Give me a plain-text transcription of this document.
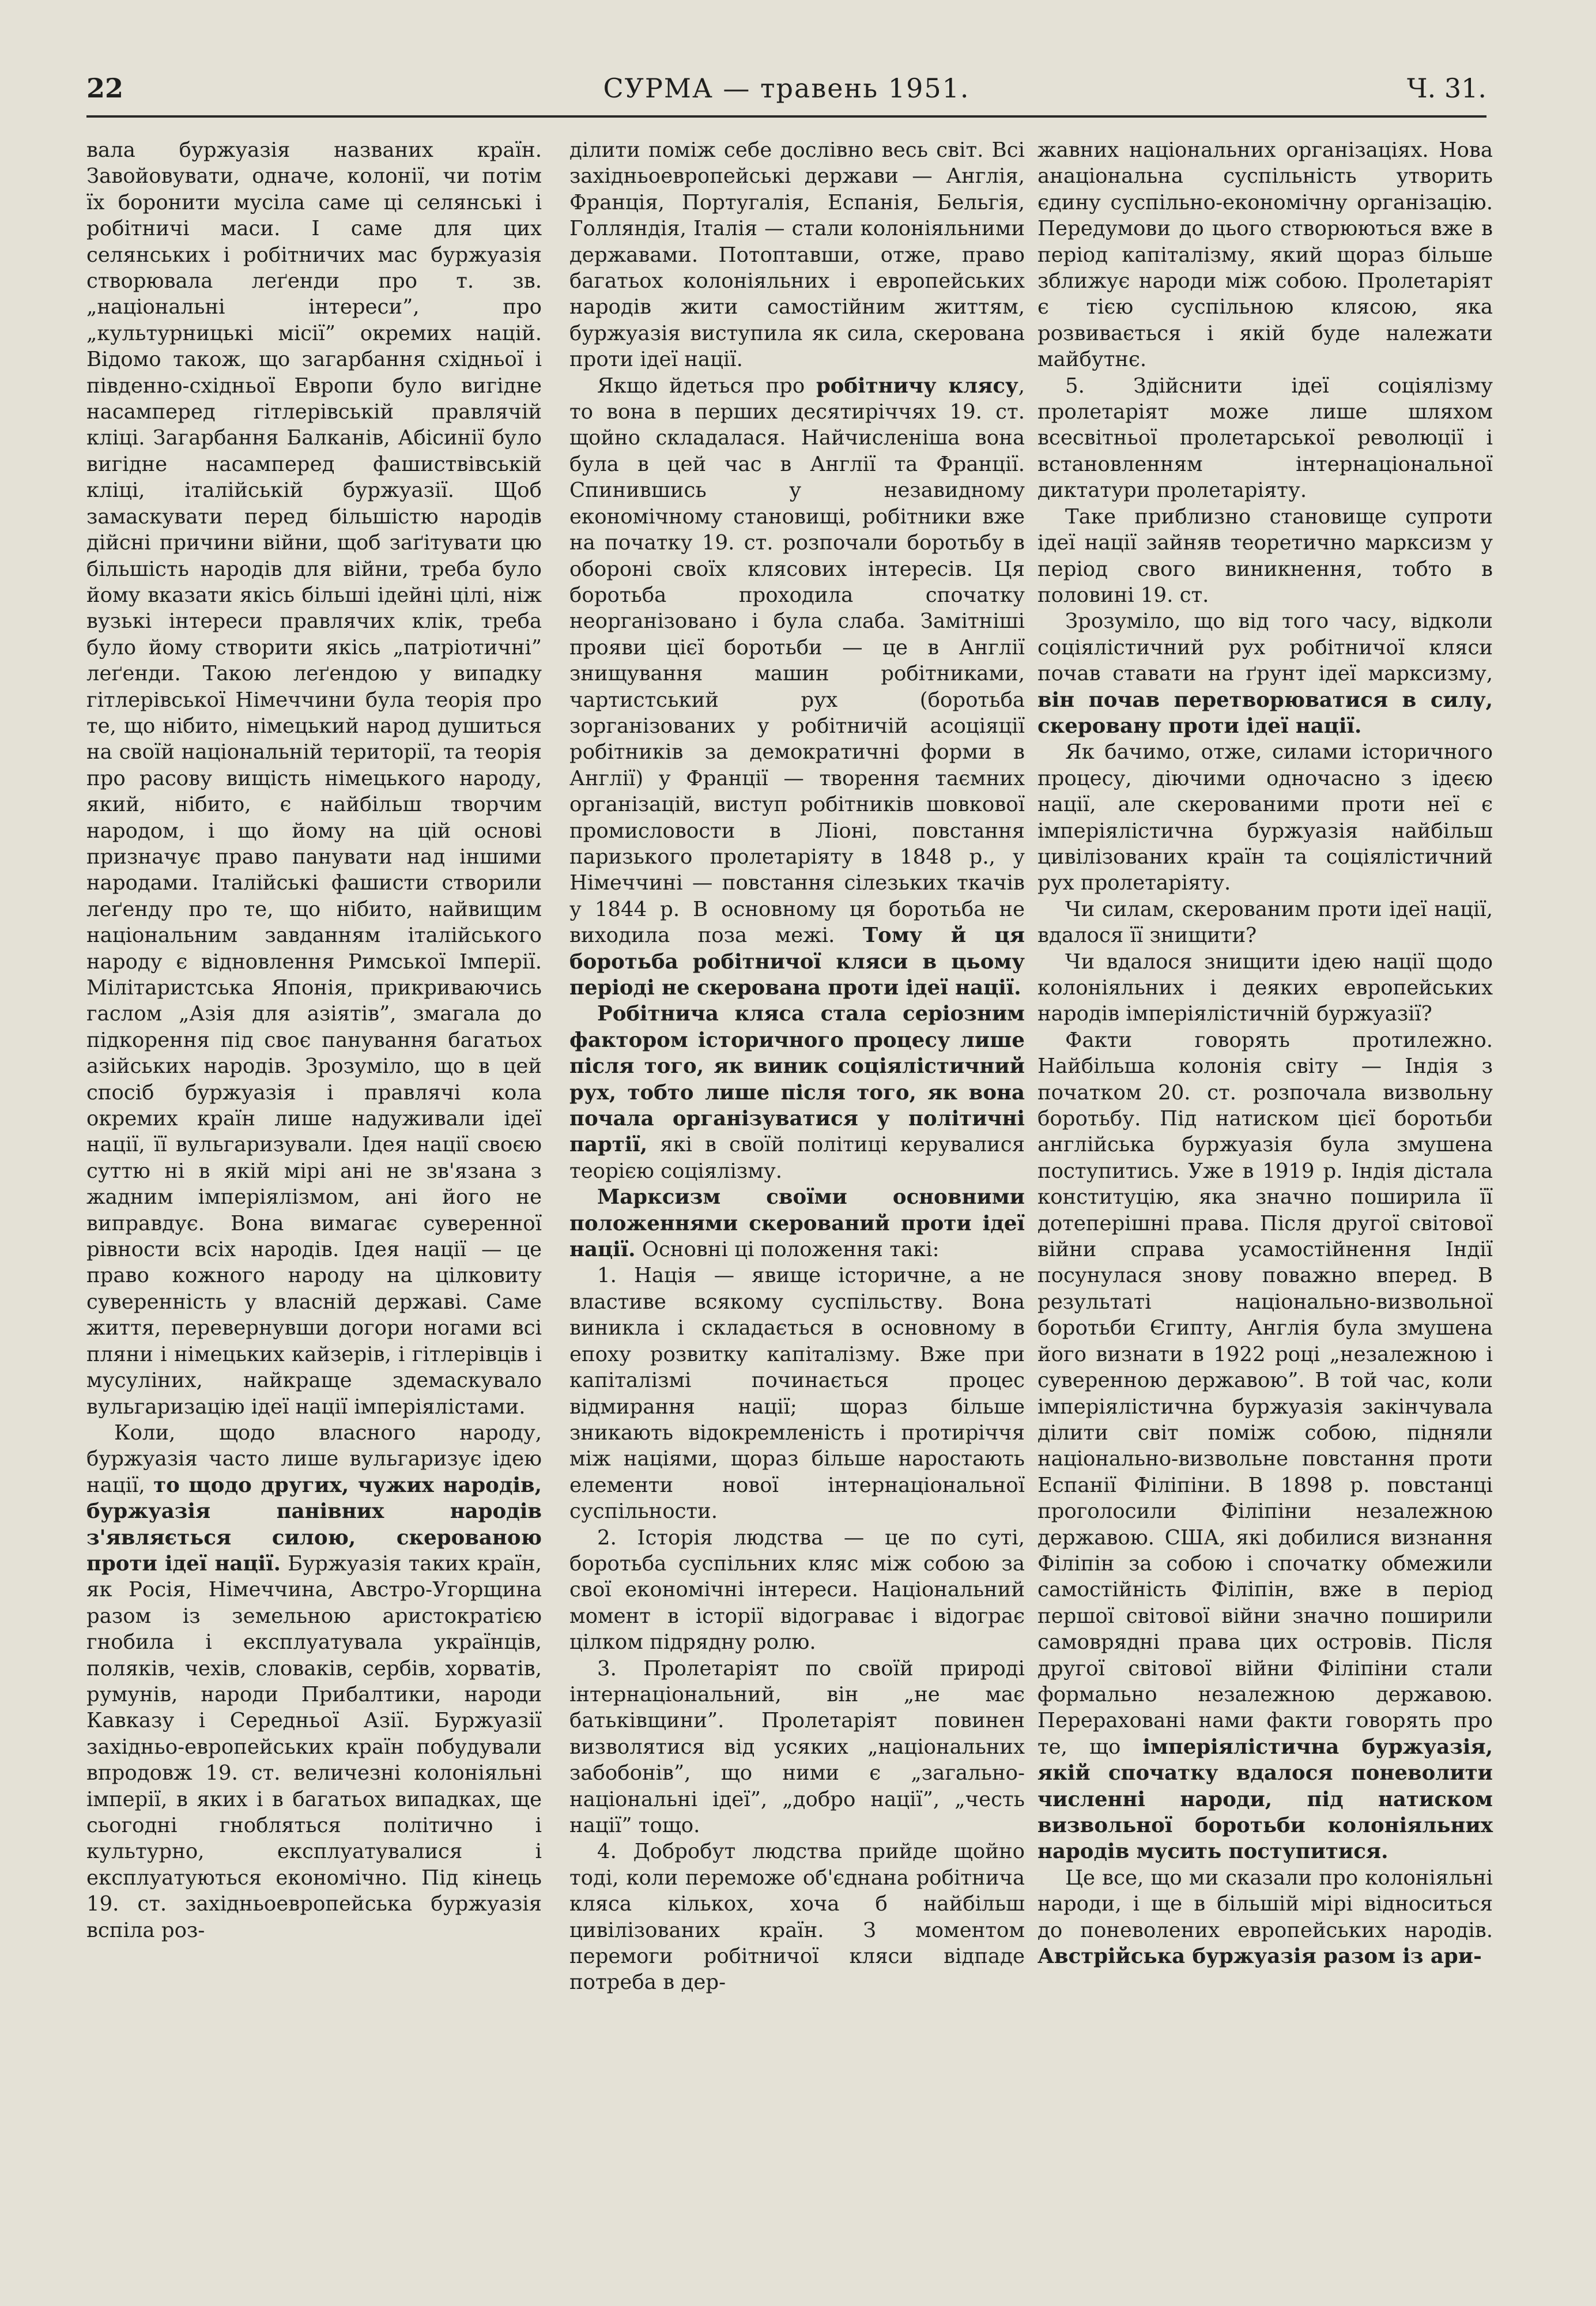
22	СУРМА — травень 1951.	Ч. 31.

вала буржуазія названих країн. Завойовувати, одначе, колонії, чи потім їх боронити мусіла саме ці селянські і робітничі маси. І саме для цих селянських і робітничих мас буржуазія створювала леґенди про т. зв. „національні інтереси”, про „культурницькі місії” окремих націй. Відомо також, що загарбання східньої і південно-східньої Европи було вигідне насамперед гітлерівській правлячій кліці. Загарбання Балканів, Абісинії було вигідне насамперед фашиствівській кліці, італійській буржуазії. Щоб замаскувати перед більшістю народів дійсні причини війни, щоб заґітувати цю більшість народів для війни, треба було йому вказати якісь більші ідейні цілі, ніж вузькі інтереси правлячих клік, треба було йому створити якісь „патріотичні” леґенди. Такою леґендою у випадку гітлерівської Німеччини була теорія про те, що нібито, німецький народ душиться на своїй національній території, та теорія про расову вищість німецького народу, який, нібито, є найбільш творчим народом, і що йому на цій основі призначує право панувати над іншими народами. Італійські фашисти створили леґенду про те, що нібито, найвищим національним завданням італійського народу є відновлення Римської Імперії. Мілітаристська Японія, прикриваючись гаслом „Азія для азіятів”, змагала до підкорення під своє панування багатьох азійських народів. Зрозуміло, що в цей спосіб буржуазія і правлячі кола окремих країн лише надуживали ідеї нації, її вульгаризували. Ідея нації своєю суттю ні в якій мірі ані не зв'язана з жадним імперіялізмом, ані його не виправдує. Вона вимагає суверенної рівности всіх народів. Ідея нації — це право кожного народу на цілковиту суверенність у власній державі. Саме життя, перевернувши догори ногами всі пляни і німецьких кайзерів, і гітлерівців і мусуліних, найкраще здемаскувало вульгаризацію ідеї нації імперіялістами.

Коли, щодо власного народу, буржуазія часто лише вульгаризує ідею нації, то щодо других, чужих народів, буржуазія панівних народів з'являється силою, скерованою проти ідеї нації. Буржуазія таких країн, як Росія, Німеччина, Австро-Угорщина разом із земельною аристократією гнобила і експлуатувала українців, поляків, чехів, словаків, сербів, хорватів, румунів, народи Прибалтики, народи Кавказу і Середньої Азії. Буржуазії західньо-европейських країн побудували впродовж 19. ст. величезні колоніяльні імперії, в яких і в багатьох випадках, ще сьогодні гнобляться політично і культурно, експлуатувалися і експлуатуються економічно. Під кінець 19. ст. західньоевропейська буржуазія вспіла роз-

ділити поміж себе дослівно весь світ. Всі західньоевропейські держави — Англія, Франція, Португалія, Еспанія, Бельгія, Голляндія, Італія — стали колоніяльними державами. Потоптавши, отже, право багатьох колоніяльних і европейських народів жити самостійним життям, буржуазія виступила як сила, скерована проти ідеї нації.

Якщо йдеться про робітничу клясу, то вона в перших десятиріччях 19. ст. щойно складалася. Найчисленіша вона була в цей час в Англії та Франції. Спинившись у незавидному економічному становищі, робітники вже на початку 19. ст. розпочали боротьбу в обороні своїх клясових інтересів. Ця боротьба проходила спочатку неорганізовано і була слаба. Замітніші прояви цієї боротьби — це в Англії знищування машин робітниками, чартистський рух (боротьба зорганізованих у робітничій асоціяції робітників за демократичні форми в Англії) у Франції — творення таємних організацій, виступ робітників шовкової промисловости в Ліоні, повстання паризького пролетаріяту в 1848 р., у Німеччині — повстання сілезьких ткачів у 1844 р. В основному ця боротьба не виходила поза межі. Тому й ця боротьба робітничої кляси в цьому періоді не скерована проти ідеї нації.

Робітнича кляса стала серіозним фактором історичного процесу лише після того, як виник соціялістичний рух, тобто лише після того, як вона почала організуватися у політичні партії, які в своїй політиці керувалися теорією соціялізму.

Марксизм своїми основними положеннями скерований проти ідеї нації. Основні ці положення такі:

1. Нація — явище історичне, а не властиве всякому суспільству. Вона виникла і складається в основному в епоху розвитку капіталізму. Вже при капіталізмі починається процес відмирання нації; щораз більше зникають відокремленість і протиріччя між націями, щораз більше наростають елементи нової інтернаціональної суспільности.

2. Історія людства — це по суті, боротьба суспільних кляс між собою за свої економічні інтереси. Національний момент в історії відограває і відограє цілком підрядну ролю.

3. Пролетаріят по своїй природі інтернаціональний, він „не має батьківщини”. Пролетаріят повинен визволятися від усяких „національних забобонів”, що ними є „загально-національні ідеї”, „добро нації”, „честь нації” тощо.

4. Добробут людства прийде щойно тоді, коли переможе об'єднана робітнича кляса кількох, хоча б найбільш цивілізованих країн. З моментом перемоги робітничої кляси відпаде потреба в дер-

жавних національних організаціях. Нова анаціональна суспільність утворить єдину суспільно-економічну організацію. Передумови до цього створюються вже в період капіталізму, який щораз більше зближує народи між собою. Пролетаріят є тією суспільною клясою, яка розвивається і якій буде належати майбутнє.

5. Здійснити ідеї соціялізму пролетаріят може лише шляхом всесвітньої пролетарської революції і встановленням інтернаціональної диктатури пролетаріяту.

Таке приблизно становище супроти ідеї нації зайняв теоретично марксизм у період свого виникнення, тобто в половині 19. ст.

Зрозуміло, що від того часу, відколи соціялістичний рух робітничої кляси почав ставати на ґрунт ідеї марксизму, він почав перетворюватися в силу, скеровану проти ідеї нації.

Як бачимо, отже, силами історичного процесу, діючими одночасно з ідеєю нації, але скерованими проти неї є імперіялістична буржуазія найбільш цивілізованих країн та соціялістичний рух пролетаріяту.

Чи силам, скерованим проти ідеї нації, вдалося її знищити?

Чи вдалося знищити ідею нації щодо колоніяльних і деяких европейських народів імперіялістичній буржуазії?

Факти говорять протилежно. Найбільша колонія світу — Індія з початком 20. ст. розпочала визвольну боротьбу. Під натиском цієї боротьби англійська буржуазія була змушена поступитись. Уже в 1919 р. Індія дістала конституцію, яка значно поширила її дотеперішні права. Після другої світової війни справа усамостійнення Індії посунулася знову поважно вперед. В результаті національно-визвольної боротьби Єгипту, Англія була змушена його визнати в 1922 році „незалежною і суверенною державою”. В той час, коли імперіялістична буржуазія закінчувала ділити світ поміж собою, підняли національно-визвольне повстання проти Еспанії Філіпіни. В 1898 р. повстанці проголосили Філіпіни незалежною державою. США, які добилися визнання Філіпін за собою і спочатку обмежили самостійність Філіпін, вже в період першої світової війни значно поширили самоврядні права цих островів. Після другої світової війни Філіпіни стали формально незалежною державою. Перераховані нами факти говорять про те, що імперіялістична буржуазія, якій спочатку вдалося поневолити численні народи, під натиском визвольної боротьби колоніяльних народів мусить поступитися.

Це все, що ми сказали про колоніяльні народи, і ще в більшій мірі відноситься до поневолених европейських народів. Австрійська буржуазія разом із ари-
